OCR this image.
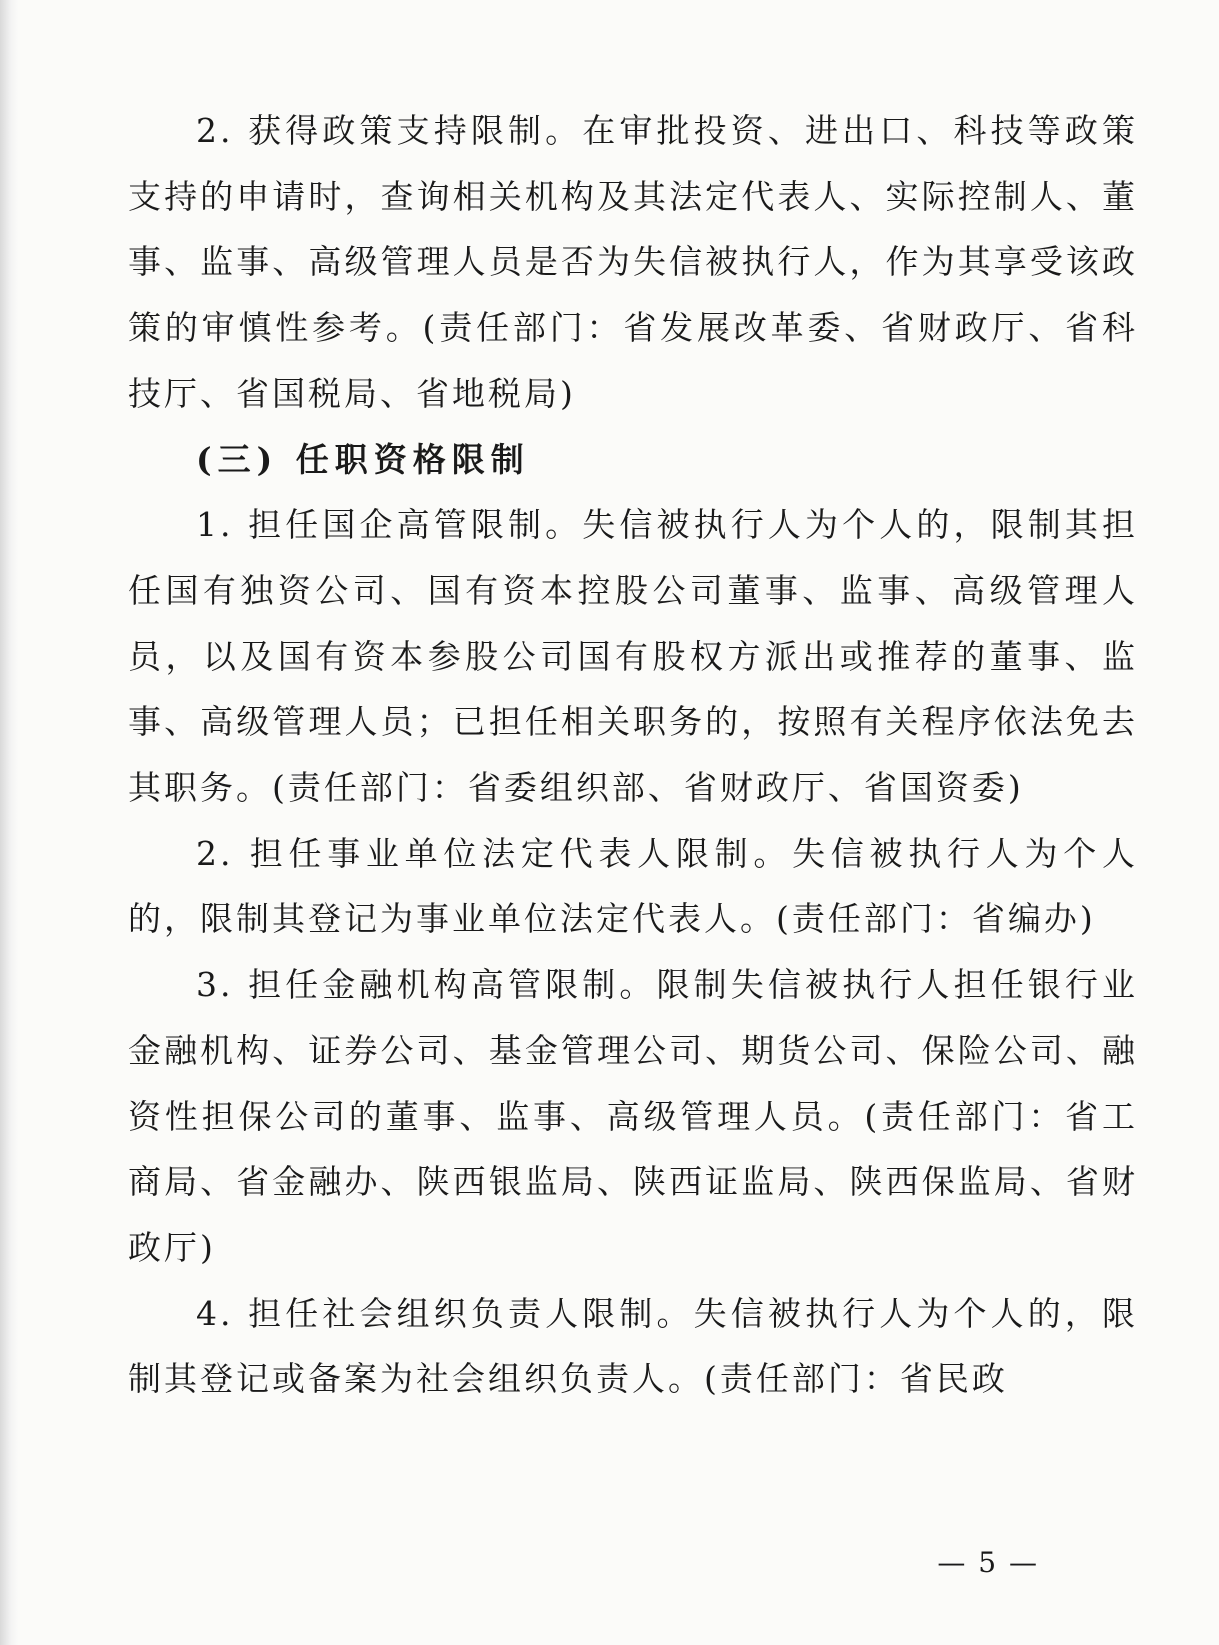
2. 获得政策支持限制。在审批投资、进出口、科技等政策支持的申请时，查询相关机构及其法定代表人、实际控制人、董事、监事、高级管理人员是否为失信被执行人，作为其享受该政策的审慎性参考。(责任部门：省发展改革委、省财政厅、省科技厅、省国税局、省地税局)

(三) 任职资格限制

1. 担任国企高管限制。失信被执行人为个人的，限制其担任国有独资公司、国有资本控股公司董事、监事、高级管理人员，以及国有资本参股公司国有股权方派出或推荐的董事、监事、高级管理人员；已担任相关职务的，按照有关程序依法免去其职务。(责任部门：省委组织部、省财政厅、省国资委)

2. 担任事业单位法定代表人限制。失信被执行人为个人的，限制其登记为事业单位法定代表人。(责任部门：省编办)

3. 担任金融机构高管限制。限制失信被执行人担任银行业金融机构、证券公司、基金管理公司、期货公司、保险公司、融资性担保公司的董事、监事、高级管理人员。(责任部门：省工商局、省金融办、陕西银监局、陕西证监局、陕西保监局、省财政厅)

4. 担任社会组织负责人限制。失信被执行人为个人的，限制其登记或备案为社会组织负责人。(责任部门：省民政

— 5 —
